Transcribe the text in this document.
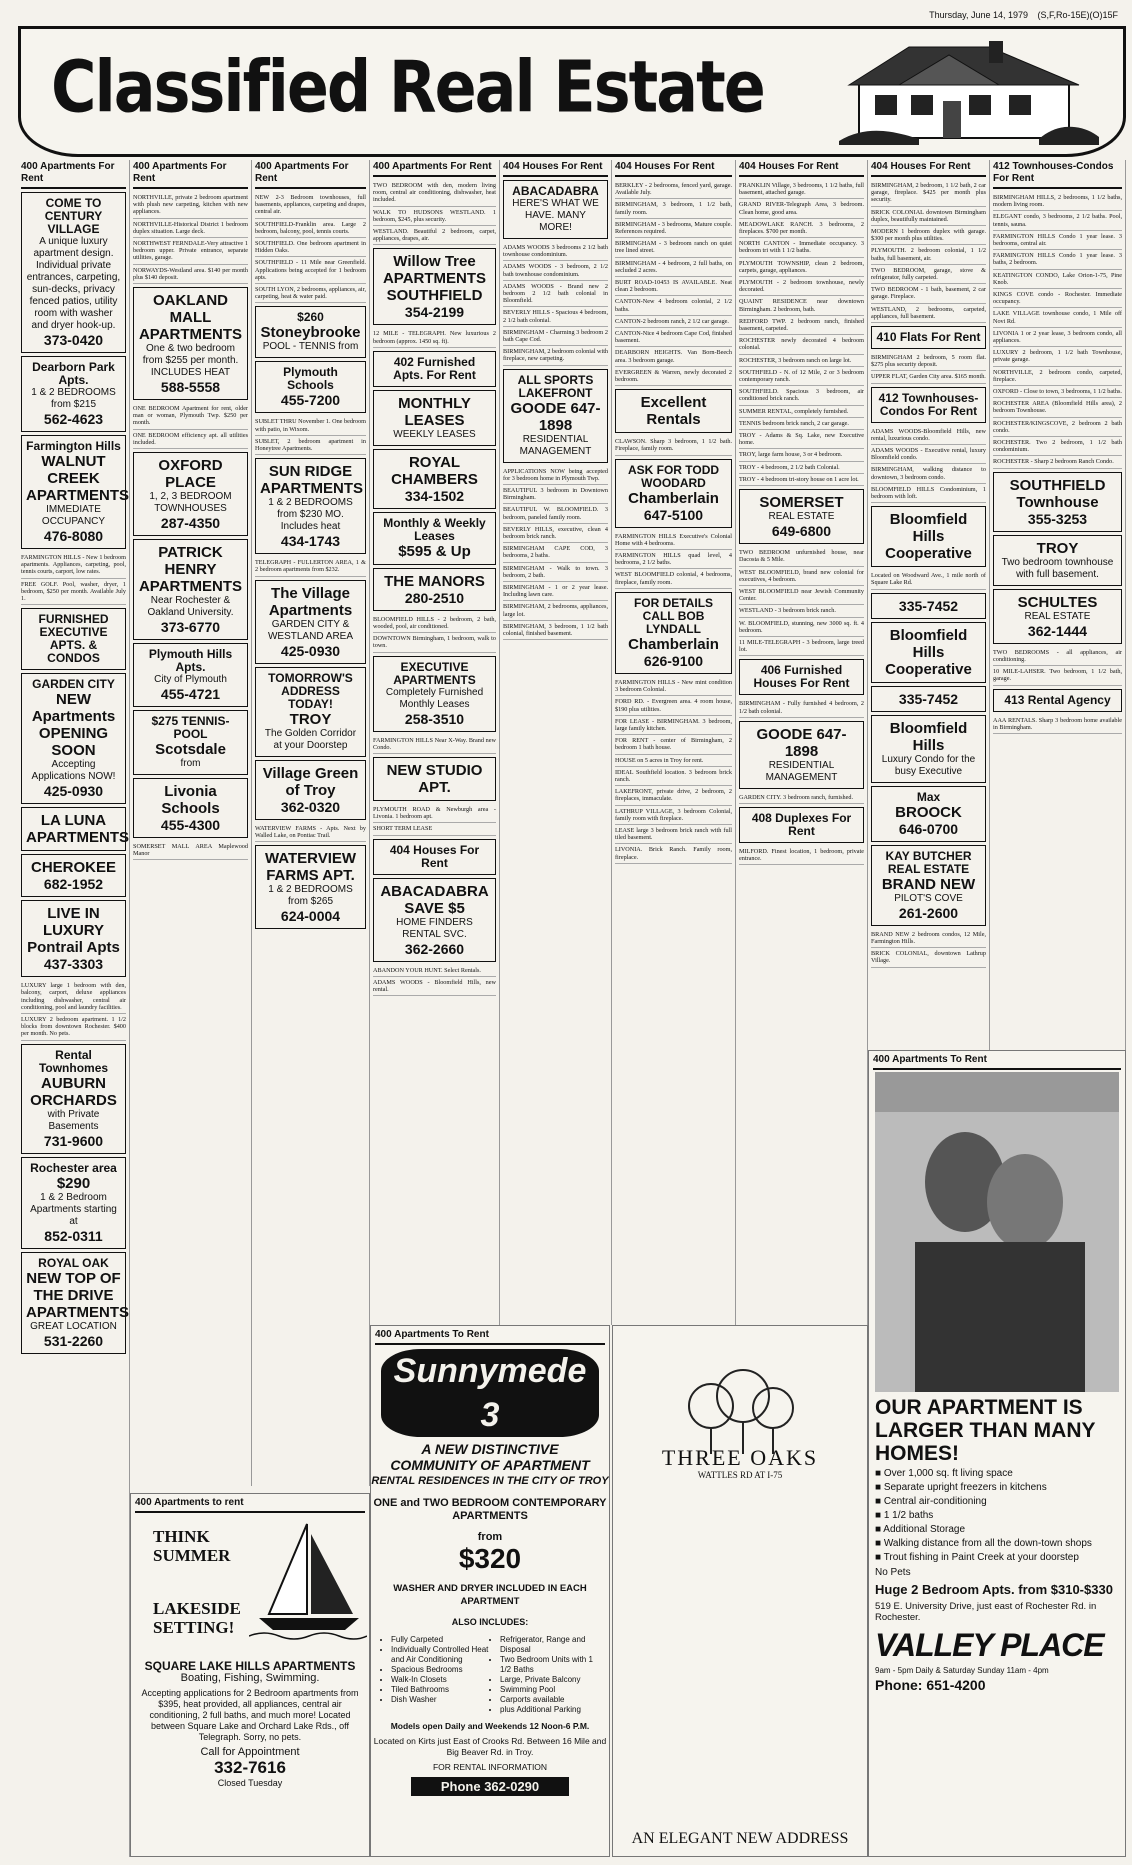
Thursday, June 14, 1979 (S,F,Ro-15E)(O)15F
Classified Real Estate
400 Apartments For Rent
COME TO CENTURY VILLAGE
A unique luxury apartment design. Individual private entrances, carpeting, sun-decks, privacy fenced patios, utility room with washer and dryer hook-up.
373-0420
Dearborn Park Apts.
1 & 2 BEDROOMS from $215
562-4623
Farmington Hills
WALNUT CREEK APARTMENTS
IMMEDIATE OCCUPANCY
476-8080
FARMINGTON HILLS - New 1 bedroom apartments. Appliances, carpeting, pool, tennis courts, carport, low rates.
FREE GOLF. Pool, washer, dryer, 1 bedroom, $250 per month. Available July 1.
FURNISHED EXECUTIVE APTS. & CONDOS
GARDEN CITY
NEW Apartments OPENING SOON
Accepting Applications NOW!
425-0930
LA LUNA APARTMENTS
CHEROKEE
682-1952
LIVE IN LUXURY Pontrail Apts
437-3303
LUXURY large 1 bedroom with den, balcony, carport, deluxe appliances including dishwasher, central air conditioning, pool and laundry facilities.
LUXURY 2 bedroom apartment. 1 1/2 blocks from downtown Rochester. $400 per month. No pets.
Rental Townhomes
AUBURN ORCHARDS
with Private Basements
731-9600
Rochester area
$290
1 & 2 Bedroom Apartments starting at
852-0311
ROYAL OAK
NEW TOP OF THE DRIVE APARTMENTS
GREAT LOCATION
531-2260
400 Apartments For Rent
NORTHVILLE, private 2 bedroom apartment with plush new carpeting, kitchen with new appliances.
NORTHVILLE-Historical District 1 bedroom duplex situation. Large deck.
NORTHWEST FERNDALE-Very attractive 1 bedroom upper. Private entrance, separate utilities, garage.
NORWAYDS-Westland area. $140 per month plus $140 deposit.
OAKLAND MALL APARTMENTS
One & two bedroom from $255 per month. INCLUDES HEAT
588-5558
ONE BEDROOM Apartment for rent, older man or woman, Plymouth Twp. $250 per month.
ONE BEDROOM efficiency apt. all utilities included.
OXFORD PLACE
1, 2, 3 BEDROOM TOWNHOUSES
287-4350
PATRICK HENRY APARTMENTS
Near Rochester & Oakland University.
373-6770
Plymouth Hills Apts.
City of Plymouth
455-4721
$275 TENNIS-POOL
Scotsdale
from
Livonia Schools
455-4300
SOMERSET MALL AREA Maplewood Manor
400 Apartments For Rent
NEW 2-3 Bedroom townhouses, full basements, appliances, carpeting and drapes, central air.
SOUTHFIELD-Franklin area. Large 2 bedroom, balcony, pool, tennis courts.
SOUTHFIELD. One bedroom apartment in Hidden Oaks.
SOUTHFIELD - 11 Mile near Greenfield. Applications being accepted for 1 bedroom apts.
SOUTH LYON, 2 bedrooms, appliances, air, carpeting, heat & water paid.
$260
Stoneybrooke
POOL - TENNIS from
Plymouth Schools
455-7200
SUBLET THRU November 1. One bedroom with patio, in Wixom.
SUBLET, 2 bedroom apartment in Honeytree Apartments.
SUN RIDGE APARTMENTS
1 & 2 BEDROOMS from $230 MO. Includes heat
434-1743
TELEGRAPH - FULLERTON AREA, 1 & 2 bedroom apartments from $232.
The Village Apartments
GARDEN CITY & WESTLAND AREA
425-0930
TOMORROW'S ADDRESS TODAY!
TROY
The Golden Corridor at your Doorstep
Village Green of Troy
362-0320
WATERVIEW FARMS - Apts. Next by Walled Lake, on Pontiac Trail.
WATERVIEW FARMS APT.
1 & 2 BEDROOMS from $265
624-0004
400 Apartments For Rent
TWO BEDROOM with den, modern living room, central air conditioning, dishwasher, heat included.
WALK TO HUDSONS WESTLAND. 1 bedroom, $245, plus security.
WESTLAND. Beautiful 2 bedroom, carpet, appliances, drapes, air.
Willow Tree APARTMENTS SOUTHFIELD
354-2199
12 MILE - TELEGRAPH. New luxurious 2 bedroom (approx. 1450 sq. ft).
402 Furnished Apts. For Rent
MONTHLY LEASES
WEEKLY LEASES
ROYAL CHAMBERS
334-1502
Monthly & Weekly Leases
$595 & Up
THE MANORS
280-2510
BLOOMFIELD HILLS - 2 bedroom, 2 bath, wooded, pool, air conditioned.
DOWNTOWN Birmingham, 1 bedroom, walk to town.
EXECUTIVE APARTMENTS
Completely Furnished Monthly Leases
258-3510
FARMINGTON HILLS Near X-Way. Brand new Condo.
NEW STUDIO APT.
PLYMOUTH ROAD & Newburgh area - Livonia. 1 bedroom apt.
SHORT TERM LEASE
404 Houses For Rent
ABACADABRA SAVE $5
HOME FINDERS RENTAL SVC.
362-2660
ABANDON YOUR HUNT. Select Rentals.
ADAMS WOODS - Bloomfield Hills, new rental.
404 Houses For Rent
ABACADABRA
HERE'S WHAT WE HAVE. MANY MORE!
ADAMS WOODS 3 bedrooms 2 1/2 bath townhouse condominium.
ADAMS WOODS - 3 bedroom, 2 1/2 bath townhouse condominium.
ADAMS WOODS - Brand new 2 bedroom 2 1/2 bath colonial in Bloomfield.
BEVERLY HILLS - Spacious 4 bedroom, 2 1/2 bath colonial.
BIRMINGHAM - Charming 3 bedroom 2 bath Cape Cod.
BIRMINGHAM, 2 bedroom colonial with fireplace, new carpeting.
ALL SPORTS LAKEFRONT
GOODE 647-1898
RESIDENTIAL MANAGEMENT
APPLICATIONS NOW being accepted for 3 bedroom home in Plymouth Twp.
BEAUTIFUL 3 bedroom in Downtown Birmingham.
BEAUTIFUL W. BLOOMFIELD. 3 bedroom, paneled family room.
BEVERLY HILLS, executive, clean 4 bedroom brick ranch.
BIRMINGHAM CAPE COD, 3 bedrooms, 2 baths.
BIRMINGHAM - Walk to town. 3 bedroom, 2 bath.
BIRMINGHAM - 1 or 2 year lease. Including lawn care.
BIRMINGHAM, 2 bedrooms, appliances, large lot.
BIRMINGHAM, 3 bedroom, 1 1/2 bath colonial, finished basement.
404 Houses For Rent
BERKLEY - 2 bedrooms, fenced yard, garage. Available July.
BIRMINGHAM, 3 bedroom, 1 1/2 bath, family room.
BIRMINGHAM - 3 bedrooms, Mature couple. References required.
BIRMINGHAM - 3 bedroom ranch on quiet tree lined street.
BIRMINGHAM - 4 bedroom, 2 full baths, on secluded 2 acres.
BURT ROAD-10453 IS AVAILABLE. Neat clean 2 bedroom.
CANTON-New 4 bedroom colonial, 2 1/2 baths.
CANTON-2 bedroom ranch, 2 1/2 car garage.
CANTON-Nice 4 bedroom Cape Cod, finished basement.
DEARBORN HEIGHTS. Van Born-Beech area. 3 bedroom garage.
EVERGREEN & Warren, newly decorated 2 bedroom.
Excellent Rentals
CLAWSON. Sharp 3 bedroom, 1 1/2 bath. Fireplace, family room.
ASK FOR TODD WOODARD
Chamberlain
647-5100
FARMINGTON HILLS Executive's Colonial Home with 4 bedrooms.
FARMINGTON HILLS quad level, 4 bedrooms, 2 1/2 baths.
WEST BLOOMFIELD colonial, 4 bedrooms, fireplace, family room.
FOR DETAILS CALL BOB LYNDALL
Chamberlain
626-9100
FARMINGTON HILLS - New mint condition 3 bedroom Colonial.
FORD RD. - Evergreen area. 4 room house, $190 plus utilities.
FOR LEASE - BIRMINGHAM. 3 bedroom, large family kitchen.
FOR RENT - center of Birmingham, 2 bedroom 1 bath house.
HOUSE on 5 acres in Troy for rent.
IDEAL Southfield location. 3 bedroom brick ranch.
LAKEFRONT, private drive, 2 bedroom, 2 fireplaces, immaculate.
LATHRUP VILLAGE, 3 bedroom Colonial, family room with fireplace.
LEASE large 3 bedroom brick ranch with full tiled basement.
LIVONIA. Brick Ranch. Family room, fireplace.
404 Houses For Rent
FRANKLIN Village, 3 bedrooms, 1 1/2 baths, full basement, attached garage.
GRAND RIVER-Telegraph Area, 3 bedroom. Clean home, good area.
MEADOWLAKE RANCH. 3 bedrooms, 2 fireplaces. $700 per month.
NORTH CANTON - Immediate occupancy. 3 bedroom tri with 1 1/2 baths.
PLYMOUTH TOWNSHIP, clean 2 bedroom, carpets, garage, appliances.
PLYMOUTH - 2 bedroom townhouse, newly decorated.
QUAINT RESIDENCE near downtown Birmingham. 2 bedroom, bath.
REDFORD TWP. 2 bedroom ranch, finished basement, carpeted.
ROCHESTER newly decorated 4 bedroom colonial.
ROCHESTER, 3 bedroom ranch on large lot.
SOUTHFIELD - N. of 12 Mile, 2 or 3 bedroom contemporary ranch.
SOUTHFIELD. Spacious 3 bedroom, air conditioned brick ranch.
SUMMER RENTAL, completely furnished.
TENNIS bedroom brick ranch, 2 car garage.
TROY - Adams & Sq. Lake, new Executive home.
TROY, large farm house, 3 or 4 bedroom.
TROY - 4 bedroom, 2 1/2 bath Colonial.
TROY - 4 bedroom tri-story house on 1 acre lot.
SOMERSET
REAL ESTATE
649-6800
TWO BEDROOM unfurnished house, near Dacosta & 5 Mile.
WEST BLOOMFIELD, brand new colonial for executives, 4 bedroom.
WEST BLOOMFIELD near Jewish Community Center.
WESTLAND - 3 bedroom brick ranch.
W. BLOOMFIELD, stunning, new 3000 sq. ft. 4 bedroom.
11 MILE-TELEGRAPH - 3 bedroom, large treed lot.
406 Furnished Houses For Rent
BIRMINGHAM - Fully furnished 4 bedroom, 2 1/2 bath colonial.
GOODE 647-1898
RESIDENTIAL MANAGEMENT
GARDEN CITY. 3 bedroom ranch, furnished.
408 Duplexes For Rent
MILFORD. Finest location, 1 bedroom, private entrance.
404 Houses For Rent
BIRMINGHAM, 2 bedroom, 1 1/2 bath, 2 car garage, fireplace. $425 per month plus security.
BRICK COLONIAL downtown Birmingham duplex, beautifully maintained.
MODERN 1 bedroom duplex with garage. $300 per month plus utilities.
PLYMOUTH. 2 bedroom colonial, 1 1/2 baths, full basement, air.
TWO BEDROOM, garage, stove & refrigerator, fully carpeted.
TWO BEDROOM - 1 bath, basement, 2 car garage. Fireplace.
WESTLAND, 2 bedrooms, carpeted, appliances, full basement.
410 Flats For Rent
BIRMINGHAM 2 bedroom, 5 room flat. $275 plus security deposit.
UPPER FLAT, Garden City area. $165 month.
412 Townhouses-Condos For Rent
ADAMS WOODS-Bloomfield Hills, new rental, luxurious condo.
ADAMS WOODS - Executive rental, luxury Bloomfield condo.
BIRMINGHAM, walking distance to downtown, 3 bedroom condo.
BLOOMFIELD HILLS Condominium, 1 bedroom with loft.
Bloomfield Hills Cooperative
Located on Woodward Ave., 1 mile north of Square Lake Rd.
335-7452
Bloomfield Hills Cooperative
335-7452
Bloomfield Hills
Luxury Condo for the busy Executive
Max
BROOCK
646-0700
KAY BUTCHER REAL ESTATE
BRAND NEW
PILOT'S COVE
261-2600
BRAND NEW 2 bedroom condos, 12 Mile, Farmington Hills.
BRICK COLONIAL, downtown Lathrup Village.
412 Townhouses-Condos For Rent
BIRMINGHAM HILLS, 2 bedrooms, 1 1/2 baths, modern living room.
ELEGANT condo, 3 bedrooms, 2 1/2 baths. Pool, tennis, sauna.
FARMINGTON HILLS Condo 1 year lease. 3 bedrooms, central air.
FARMINGTON HILLS Condo 1 year lease. 3 baths, 2 bedroom.
KEATINGTON CONDO, Lake Orion-1-75, Pine Knob.
KINGS COVE condo - Rochester. Immediate occupancy.
LAKE VILLAGE townhouse condo, 1 Mile off Novi Rd.
LIVONIA 1 or 2 year lease, 3 bedroom condo, all appliances.
LUXURY 2 bedroom, 1 1/2 bath Townhouse, private garage.
NORTHVILLE, 2 bedroom condo, carpeted, fireplace.
OXFORD - Close to town, 3 bedrooms, 1 1/2 baths.
ROCHESTER AREA (Bloomfield Hills area), 2 bedroom Townhouse.
ROCHESTER/KINGSCOVE, 2 bedroom 2 bath condo.
ROCHESTER. Two 2 bedroom, 1 1/2 bath condominium.
ROCHESTER - Sharp 2 bedroom Ranch Condo.
SOUTHFIELD Townhouse
355-3253
TROY
Two bedroom townhouse with full basement.
SCHULTES
REAL ESTATE
362-1444
TWO BEDROOMS - all appliances, air conditioning.
10 MILE-LAHSER. Two bedroom, 1 1/2 bath, garage.
413 Rental Agency
AAA RENTALS. Sharp 3 bedroom home available in Birmingham.
400 Apartments to rent
THINK
SUMMER
LAKESIDE
SETTING!
SQUARE LAKE HILLS APARTMENTS
Boating, Fishing, Swimming.
Accepting applications for 2 Bedroom apartments from $395, heat provided, all appliances, central air conditioning, 2 full baths, and much more! Located between Square Lake and Orchard Lake Rds., off Telegraph. Sorry, no pets.
Call for Appointment
332-7616
Closed Tuesday
400 Apartments To Rent
Sunnymede 3
A NEW DISTINCTIVE
COMMUNITY OF APARTMENT
RENTAL RESIDENCES IN THE CITY OF TROY
ONE and TWO BEDROOM CONTEMPORARY APARTMENTS
from
$320
WASHER AND DRYER INCLUDED IN EACH APARTMENT
ALSO INCLUDES:
• Fully Carpeted
• Individually Controlled Heat and Air Conditioning
• Spacious Bedrooms
• Walk-In Closets
• Tiled Bathrooms
• Dish Washer
• Refrigerator, Range and Disposal
• Two Bedroom Units with 1 1/2 Baths
• Large, Private Balcony
• Swimming Pool
• Carports available
• plus Additional Parking
Models open Daily and Weekends 12 Noon-6 P.M.
Located on Kirts just East of Crooks Rd. Between 16 Mile and Big Beaver Rd. in Troy.
FOR RENTAL INFORMATION
Phone 362-0290
THREE OAKS
WATTLES RD AT I-75
AN ELEGANT NEW ADDRESS
400 Apartments To Rent
OUR APARTMENT IS LARGER THAN MANY HOMES!
■ Over 1,000 sq. ft living space
■ Separate upright freezers in kitchens
■ Central air-conditioning
■ 1 1/2 baths
■ Additional Storage
■ Walking distance from all the down-town shops
■ Trout fishing in Paint Creek at your doorstep
No Pets
Huge 2 Bedroom Apts. from $310-$330
519 E. University Drive, just east of Rochester Rd. in Rochester.
VALLEY PLACE
9am - 5pm Daily & Saturday Sunday 11am - 4pm
Phone: 651-4200
